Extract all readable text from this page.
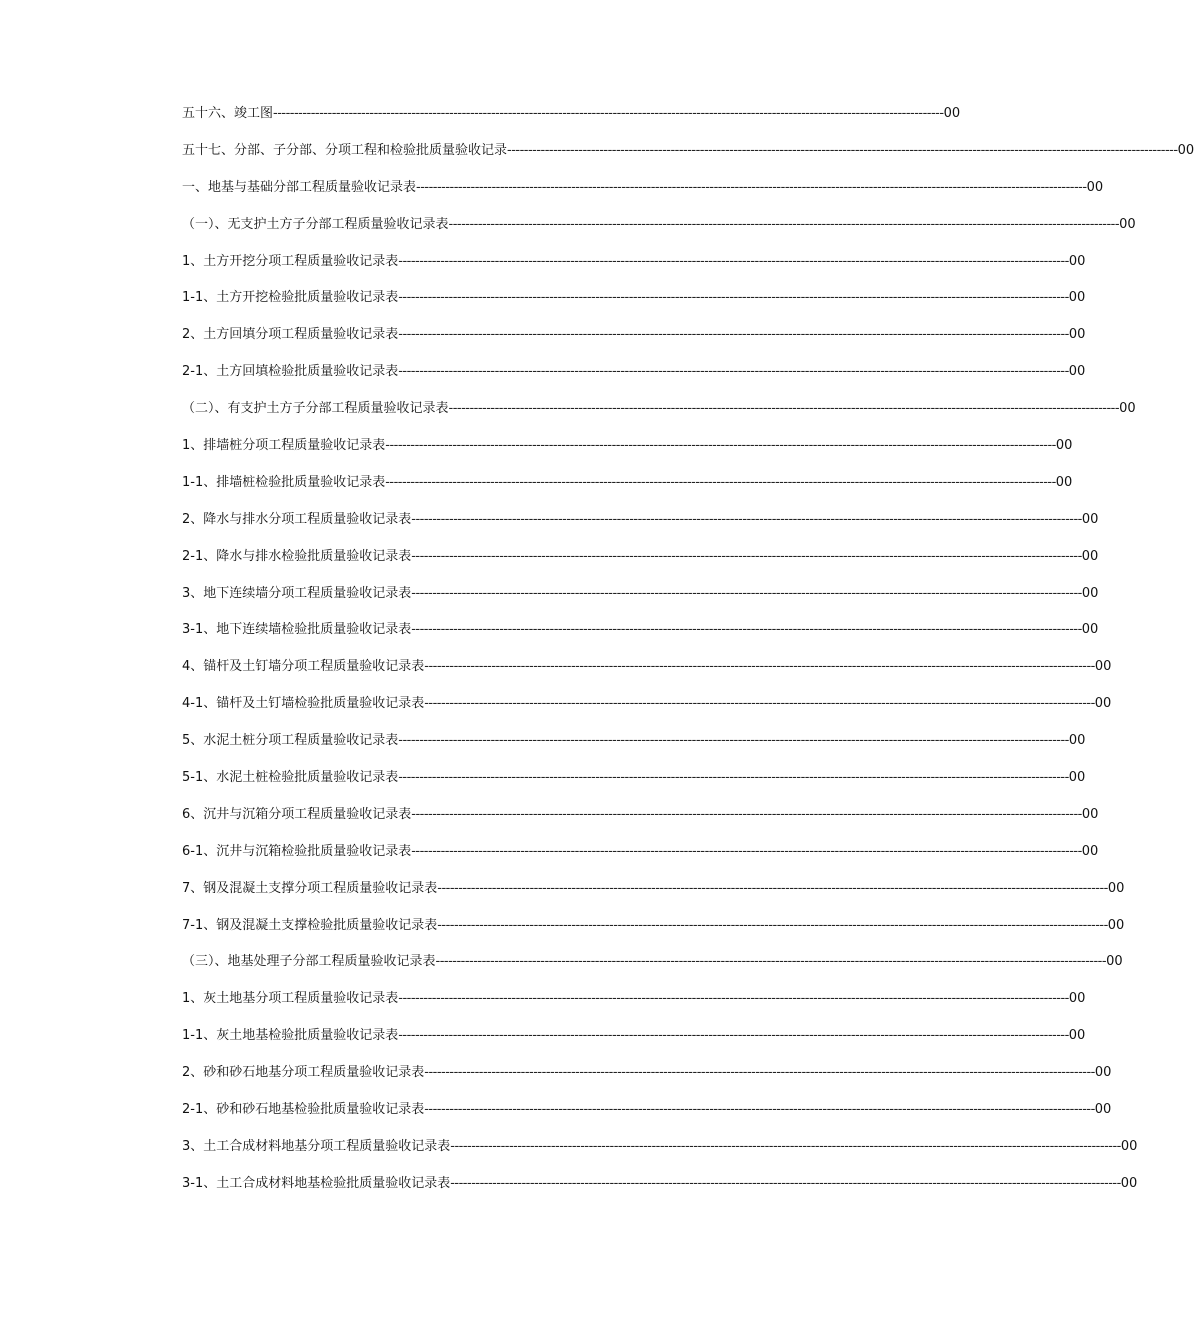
五十六、竣工图 ---------------------------------------------------------------------------------------------------------------------------------------------------------------- 00
五十七、分部、子分部、分项工程和检验批质量验收记录 ---------------------------------------------------------------------------------------------------------------------------------------------------------------- 00
一、地基与基础分部工程质量验收记录表 ---------------------------------------------------------------------------------------------------------------------------------------------------------------- 00
（一）、无支护土方子分部工程质量验收记录表 ---------------------------------------------------------------------------------------------------------------------------------------------------------------- 00
1、土方开挖分项工程质量验收记录表 ---------------------------------------------------------------------------------------------------------------------------------------------------------------- 00
1-1、土方开挖检验批质量验收记录表 ---------------------------------------------------------------------------------------------------------------------------------------------------------------- 00
2、土方回填分项工程质量验收记录表 ---------------------------------------------------------------------------------------------------------------------------------------------------------------- 00
2-1、土方回填检验批质量验收记录表 ---------------------------------------------------------------------------------------------------------------------------------------------------------------- 00
（二）、有支护土方子分部工程质量验收记录表 ---------------------------------------------------------------------------------------------------------------------------------------------------------------- 00
1、排墙桩分项工程质量验收记录表 ---------------------------------------------------------------------------------------------------------------------------------------------------------------- 00
1-1、排墙桩检验批质量验收记录表 ---------------------------------------------------------------------------------------------------------------------------------------------------------------- 00
2、降水与排水分项工程质量验收记录表 ---------------------------------------------------------------------------------------------------------------------------------------------------------------- 00
2-1、降水与排水检验批质量验收记录表 ---------------------------------------------------------------------------------------------------------------------------------------------------------------- 00
3、地下连续墙分项工程质量验收记录表 ---------------------------------------------------------------------------------------------------------------------------------------------------------------- 00
3-1、地下连续墙检验批质量验收记录表 ---------------------------------------------------------------------------------------------------------------------------------------------------------------- 00
4、锚杆及土钉墙分项工程质量验收记录表 ---------------------------------------------------------------------------------------------------------------------------------------------------------------- 00
4-1、锚杆及土钉墙检验批质量验收记录表 ---------------------------------------------------------------------------------------------------------------------------------------------------------------- 00
5、水泥土桩分项工程质量验收记录表 ---------------------------------------------------------------------------------------------------------------------------------------------------------------- 00
5-1、水泥土桩检验批质量验收记录表 ---------------------------------------------------------------------------------------------------------------------------------------------------------------- 00
6、沉井与沉箱分项工程质量验收记录表 ---------------------------------------------------------------------------------------------------------------------------------------------------------------- 00
6-1、沉井与沉箱检验批质量验收记录表 ---------------------------------------------------------------------------------------------------------------------------------------------------------------- 00
7、钢及混凝土支撑分项工程质量验收记录表 ---------------------------------------------------------------------------------------------------------------------------------------------------------------- 00
7-1、钢及混凝土支撑检验批质量验收记录表 ---------------------------------------------------------------------------------------------------------------------------------------------------------------- 00
（三）、地基处理子分部工程质量验收记录表 ---------------------------------------------------------------------------------------------------------------------------------------------------------------- 00
1、灰土地基分项工程质量验收记录表 ---------------------------------------------------------------------------------------------------------------------------------------------------------------- 00
1-1、灰土地基检验批质量验收记录表 ---------------------------------------------------------------------------------------------------------------------------------------------------------------- 00
2、砂和砂石地基分项工程质量验收记录表 ---------------------------------------------------------------------------------------------------------------------------------------------------------------- 00
2-1、砂和砂石地基检验批质量验收记录表 ---------------------------------------------------------------------------------------------------------------------------------------------------------------- 00
3、土工合成材料地基分项工程质量验收记录表 ---------------------------------------------------------------------------------------------------------------------------------------------------------------- 00
3-1、土工合成材料地基检验批质量验收记录表 ---------------------------------------------------------------------------------------------------------------------------------------------------------------- 00
